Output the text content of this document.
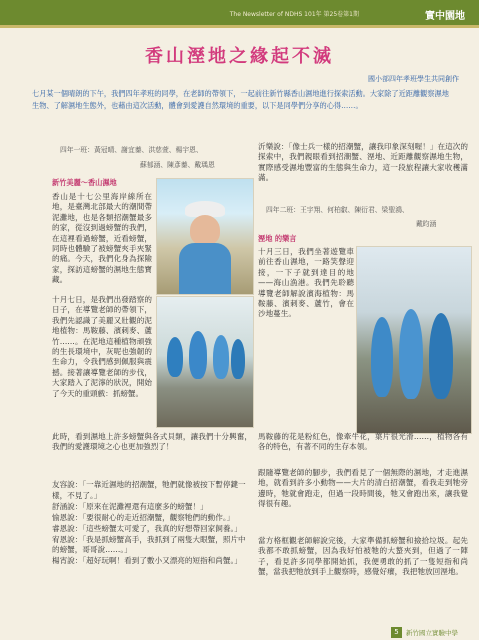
The Newsletter of NDHS 101年 第25卷第1期	實中園地
香山溼地之緣起不滅
國小部四年孝班學生共同創作
七月某一個晴朗的下午，我們四年孝班的同學，在老師的帶領下，一起前往新竹縣香山濕地進行探索活動。大家除了近距離觀察濕地生物、了解濕地生態外，也藉由這次活動，體會到愛護自然環境的重要，以下是同學們分享的心得……。
四年一班：黃冠晴、謝宜蓁、洪慈萱、楊宇恩、
蘇郁涵、陳彥蓁、戴瑀恩
新竹美麗～香山濕地
香山是十七公里海岸線所在地，是臺灣北部最大的潮間帶泥灘地，也是各類招潮蟹最多的家，從沒到過螃蟹的我們，在這裡看過螃蟹，近看螃蟹，同時也體驗了被螃蟹夾手夾緊的痛。今天，我們化身為探險家，探訪這螃蟹的濕地生態寶藏。
十月七日，是我們出發踏察的日子，在導覽老師的帶領下，我們先認識了美麗又壯觀的泥地植物：馬鞍藤、濱刺麥、蘆竹……。在泥地這種植物頑強的生長環境中，灰呢也強韌的生命力，令我們感到佩服與震撼。接著讓導覽老師的步伐，大家踏入了泥濘的狀況，開始了今天的重頭戲：抓螃蟹。
此時，看到濕地上許多螃蟹與各式貝類，讓我們十分興奮，我們的愛護環境之心也更加強烈了！

友容說：「一靠近濕地的招潮蟹，牠們就像被按下暫停鍵一樣，不見了。」

舒涵說：「原來在泥灘裡還有這麼多的螃蟹！」

愉恩說：「要很耐心的走近招潮蟹，觀察牠們的動作。」

睿恩說：「這些螃蟹太可愛了，我真的好想帶回家飼養。」

宥恩說：「我是抓螃蟹高手，我抓到了兩隻大眼蟹，照片中的螃蟹，哥哥說……。」

楊宵說：「超好玩啊！看到了數小又漂亮的短指和尚蟹。」

沂樂說：「像士兵一樣的招潮蟹，讓我印象深刻喔！」在這次的探索中，我們親眼看到招潮蟹、溼地、近距離觀察濕地生物，實際感受濕地豐富的生態與生命力，這一段旅程讓大家收穫滿滿。
四年二班：王宇翔、何柏叡、陳衍君、梁聖鴻、
戴昀涵
溼地 的樂言
十月三日，我們坐著遊覽車前往香山濕地，一路笑聲迎接，一下子就到達目的地——海山漁港。我們先聆聽導覽老師解說濱海植物：馬鞍藤、濱刺麥、蘆竹，會在沙地蔓生。
馬鞍藤的花是粉紅色，像牽牛花，葉片很光滑……，植物各有各的特色，有著不同的生存本領。
跟隨導覽老師的腳步，我們看見了一個無際的濕地，才走進濕地，就看到許多小動物——大片的清白招潮蟹，看我走到牠旁邊時，牠就會跑走，但過一段時間後，牠又會跑出來，讓我覺得很有趣。
當方格框觀老師解說完後，大家準備抓螃蟹和撿拾垃圾。起先我都不敢抓螃蟹，因為我好怕被牠的大螯夾到，但過了一陣子，看見許多同學都開始抓，我便勇敢的抓了一隻短指和尚蟹，當我把牠放到手上觀察時，感覺好癢，我把牠放回溼地。
5	新竹國立實驗中學
